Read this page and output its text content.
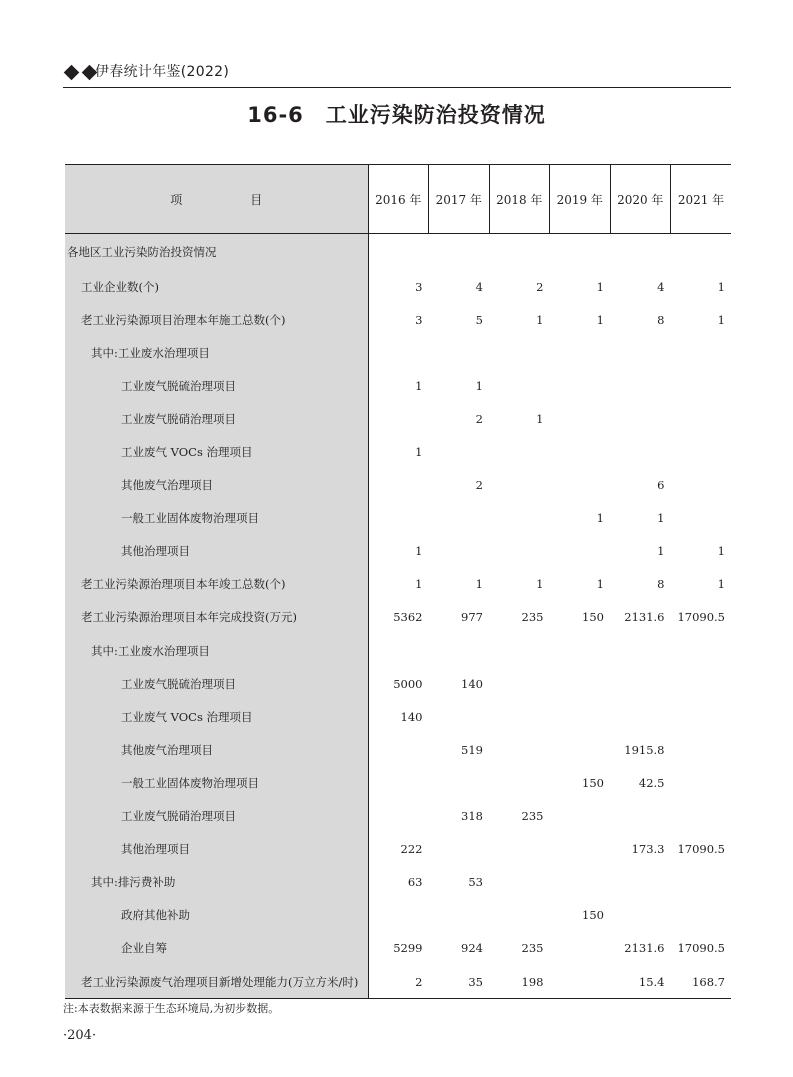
伊春统计年鉴(2022)
16-6 工业污染防治投资情况
项 目	2016 年	2017 年	2018 年	2019 年	2020 年	2021 年
各地区工业污染防治投资情况						
工业企业数(个)	3	4	2	1	4	1
老工业污染源项目治理本年施工总数(个)	3	5	1	1	8	1
其中:工业废水治理项目						
工业废气脱硫治理项目	1	1				
工业废气脱硝治理项目		2	1			
工业废气 VOCs 治理项目	1					
其他废气治理项目		2			6	
一般工业固体废物治理项目				1	1	
其他治理项目	1				1	1
老工业污染源治理项目本年竣工总数(个)	1	1	1	1	8	1
老工业污染源治理项目本年完成投资(万元)	5362	977	235	150	2131.6	17090.5
其中:工业废水治理项目						
工业废气脱硫治理项目	5000	140				
工业废气 VOCs 治理项目	140					
其他废气治理项目		519			1915.8	
一般工业固体废物治理项目				150	42.5	
工业废气脱硝治理项目		318	235			
其他治理项目	222				173.3	17090.5
其中:排污费补助	63	53				
政府其他补助				150		
企业自筹	5299	924	235		2131.6	17090.5
老工业污染源废气治理项目新增处理能力(万立方米/时)	2	35	198		15.4	168.7
注:本表数据来源于生态环境局,为初步数据。
·204·
